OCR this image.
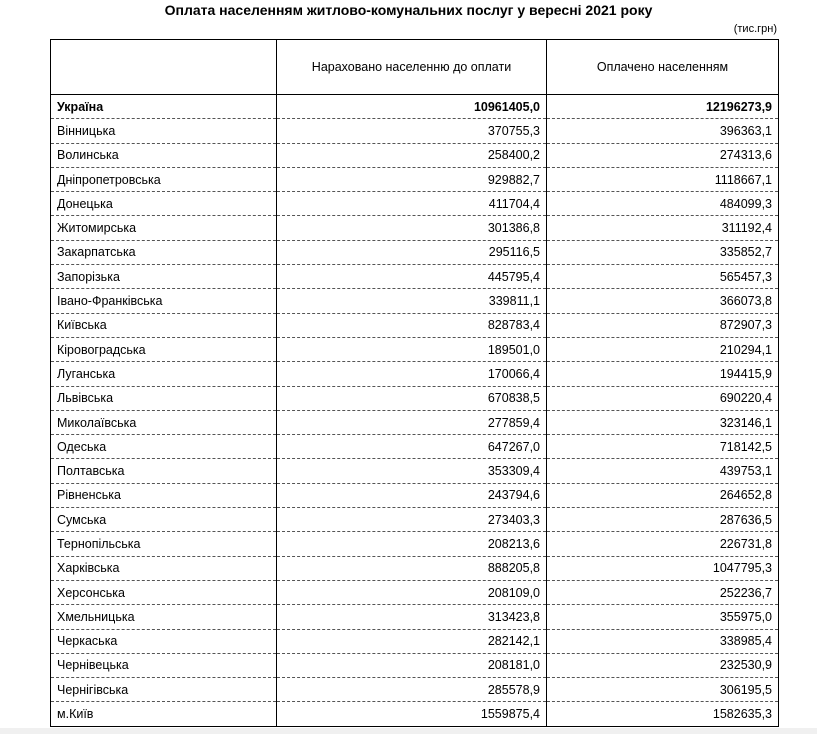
Оплата населенням житлово-комунальних послуг у вересні 2021 року
(тис.грн)
	Нараховано населенню до оплати	Оплачено населенням
Україна	10961405,0	12196273,9
Вінницька	370755,3	396363,1
Волинська	258400,2	274313,6
Дніпропетровська	929882,7	1118667,1
Донецька	411704,4	484099,3
Житомирська	301386,8	311192,4
Закарпатська	295116,5	335852,7
Запорізька	445795,4	565457,3
Івано-Франківська	339811,1	366073,8
Київська	828783,4	872907,3
Кіровоградська	189501,0	210294,1
Луганська	170066,4	194415,9
Львівська	670838,5	690220,4
Миколаївська	277859,4	323146,1
Одеська	647267,0	718142,5
Полтавська	353309,4	439753,1
Рівненська	243794,6	264652,8
Сумська	273403,3	287636,5
Тернопільська	208213,6	226731,8
Харківська	888205,8	1047795,3
Херсонська	208109,0	252236,7
Хмельницька	313423,8	355975,0
Черкаська	282142,1	338985,4
Чернівецька	208181,0	232530,9
Чернігівська	285578,9	306195,5
м.Київ	1559875,4	1582635,3
